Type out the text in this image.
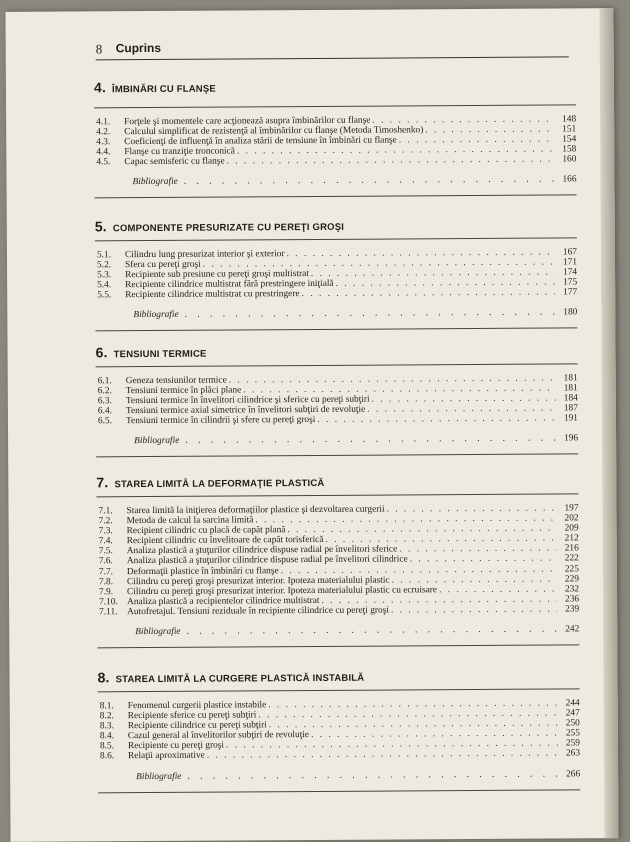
8 Cuprins
4. ÎMBINĂRI CU FLANŞE
4.1.	Forţele şi momentele care acţionează asupra îmbinărilor cu flanşe . . .	148
4.2.	Calculul simplificat de rezistenţă al îmbinărilor cu flanşe (Metoda Timoshenko) . . .	151
4.3.	Coeficienţi de influenţă în analiza stării de tensiune în îmbinări cu flanşe . . .	154
4.4.	Flanşe cu tranziţie tronconică . . .	158
4.5.	Capac semisferic cu flanşe . . .	160
Bibliografie . . .	166
5. COMPONENTE PRESURIZATE CU PEREŢI GROŞI
5.1.	Cilindru lung presurizat interior şi exterior . . .	167
5.2.	Sfera cu pereţi groşi . . .	171
5.3.	Recipiente sub presiune cu pereţi groşi multistrat . . .	174
5.4.	Recipiente cilindrice multistrat fără prestringere iniţială . . .	175
5.5.	Recipiente cilindrice multistrat cu prestringere . . .	177
Bibliografie . . .	180
6. TENSIUNI TERMICE
6.1.	Geneza tensiunilor termice . . .	181
6.2.	Tensiuni termice în plăci plane . . .	181
6.3.	Tensiuni termice în învelitori cilindrice şi sferice cu pereţi subţiri . . .	184
6.4.	Tensiuni termice axial simetrice în învelitori subţiri de revoluţie . . .	187
6.5.	Tensiuni termice în cilindrii şi sfere cu pereţi groşi . . .	191
Bibliografie . . .	196
7. STAREA LIMITĂ LA DEFORMAŢIE PLASTICĂ
7.1.	Starea limită la iniţierea deformaţiilor plastice şi dezvoltarea curgerii . . .	197
7.2.	Metoda de calcul la sarcina limită . . .	202
7.3.	Recipient cilindric cu placă de capăt plană . . .	209
7.4.	Recipient cilindric cu învelitoare de capăt torisferică . . .	212
7.5.	Analiza plastică a ştuţurilor cilindrice dispuse radial pe învelitori sferice . . .	216
7.6.	Analiza plastică a ştuţurilor cilindrice dispuse radial pe învelitori cilindrice . . .	222
7.7.	Deformaţii plastice în îmbinări cu flanşe . . .	225
7.8.	Cilindru cu pereţi groşi presurizat interior. Ipoteza materialului plastic . . .	229
7.9.	Cilindru cu pereţi groşi presurizat interior. Ipoteza materialului plastic cu ecruisare . . .	232
7.10. Analiza plastică a recipientelor cilindrice multistrat . . .	236
7.11.	Autofretajul. Tensiuni reziduale în recipiente cilindrice cu pereţi groşi . . .	239
Bibliografie . . .	242
8. STAREA LIMITĂ LA CURGERE PLASTICĂ INSTABILĂ
8.1.	Fenomenul curgerii plastice instabile . . .	244
8.2.	Recipiente sferice cu pereţi subţiri . . .	247
8.3.	Recipiente cilindrice cu pereţi subţiri . . .	250
8.4.	Cazul general al învelitorilor subţiri de revoluţie . . .	255
8.5.	Recipiente cu pereţi groşi . . .	259
8.6.	Relaţii aproximative . . .	263
Bibliografie . . .	266
